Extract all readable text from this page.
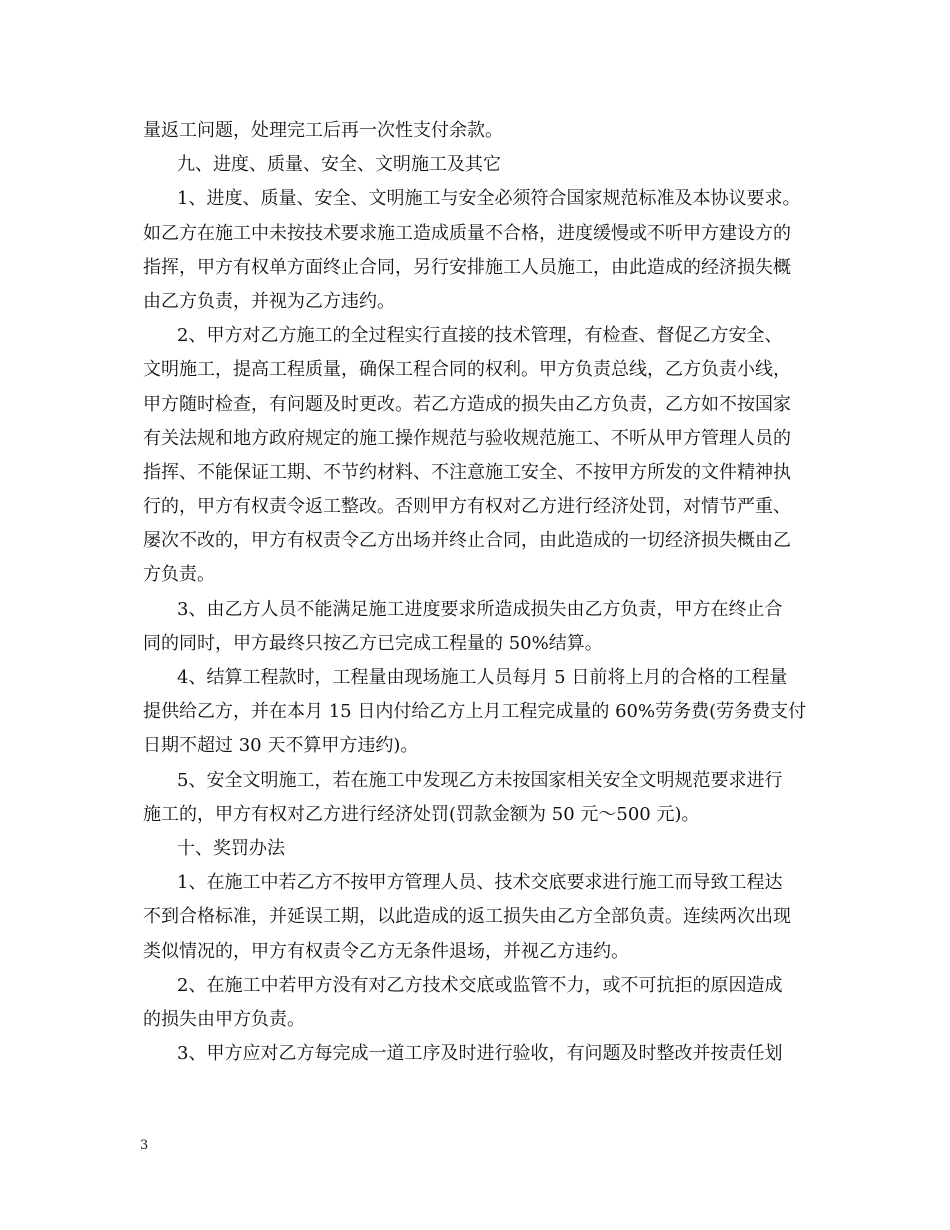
量返工问题，处理完工后再一次性支付余款。
九、进度、质量、安全、文明施工及其它
1、进度、质量、安全、文明施工与安全必须符合国家规范标准及本协议要求。
如乙方在施工中未按技术要求施工造成质量不合格，进度缓慢或不听甲方建设方的
指挥，甲方有权单方面终止合同，另行安排施工人员施工，由此造成的经济损失概
由乙方负责，并视为乙方违约。
2、甲方对乙方施工的全过程实行直接的技术管理，有检查、督促乙方安全、
文明施工，提高工程质量，确保工程合同的权利。甲方负责总线，乙方负责小线，
甲方随时检查，有问题及时更改。若乙方造成的损失由乙方负责，乙方如不按国家
有关法规和地方政府规定的施工操作规范与验收规范施工、不听从甲方管理人员的
指挥、不能保证工期、不节约材料、不注意施工安全、不按甲方所发的文件精神执
行的，甲方有权责令返工整改。否则甲方有权对乙方进行经济处罚，对情节严重、
屡次不改的，甲方有权责令乙方出场并终止合同，由此造成的一切经济损失概由乙
方负责。
3、由乙方人员不能满足施工进度要求所造成损失由乙方负责，甲方在终止合
同的同时，甲方最终只按乙方已完成工程量的 50%结算。
4、结算工程款时，工程量由现场施工人员每月 5 日前将上月的合格的工程量
提供给乙方，并在本月 15 日内付给乙方上月工程完成量的 60%劳务费(劳务费支付
日期不超过 30 天不算甲方违约)。
5、安全文明施工，若在施工中发现乙方未按国家相关安全文明规范要求进行
施工的，甲方有权对乙方进行经济处罚(罚款金额为 50 元～500 元)。
十、奖罚办法
1、在施工中若乙方不按甲方管理人员、技术交底要求进行施工而导致工程达
不到合格标准，并延误工期，以此造成的返工损失由乙方全部负责。连续两次出现
类似情况的，甲方有权责令乙方无条件退场，并视乙方违约。
2、在施工中若甲方没有对乙方技术交底或监管不力，或不可抗拒的原因造成
的损失由甲方负责。
3、甲方应对乙方每完成一道工序及时进行验收，有问题及时整改并按责任划
3
